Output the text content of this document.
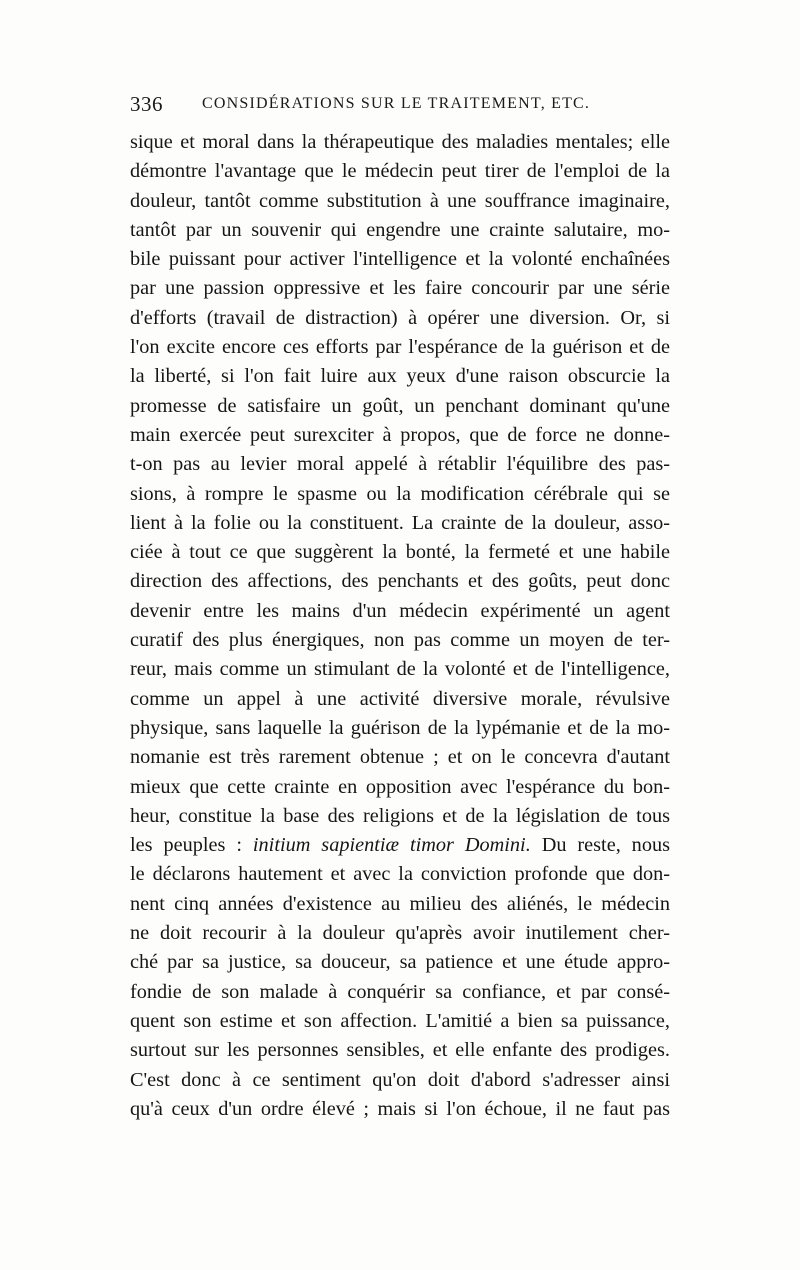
336 CONSIDÉRATIONS SUR LE TRAITEMENT, ETC.
sique et moral dans la thérapeutique des maladies mentales; elle
démontre l'avantage que le médecin peut tirer de l'emploi de la
douleur, tantôt comme substitution à une souffrance imaginaire,
tantôt par un souvenir qui engendre une crainte salutaire, mo-
bile puissant pour activer l'intelligence et la volonté enchaînées
par une passion oppressive et les faire concourir par une série
d'efforts (travail de distraction) à opérer une diversion. Or, si
l'on excite encore ces efforts par l'espérance de la guérison et de
la liberté, si l'on fait luire aux yeux d'une raison obscurcie la
promesse de satisfaire un goût, un penchant dominant qu'une
main exercée peut surexciter à propos, que de force ne donne-
t-on pas au levier moral appelé à rétablir l'équilibre des pas-
sions, à rompre le spasme ou la modification cérébrale qui se
lient à la folie ou la constituent. La crainte de la douleur, asso-
ciée à tout ce que suggèrent la bonté, la fermeté et une habile
direction des affections, des penchants et des goûts, peut donc
devenir entre les mains d'un médecin expérimenté un agent
curatif des plus énergiques, non pas comme un moyen de ter-
reur, mais comme un stimulant de la volonté et de l'intelligence,
comme un appel à une activité diversive morale, révulsive
physique, sans laquelle la guérison de la lypémanie et de la mo-
nomanie est très rarement obtenue ; et on le concevra d'autant
mieux que cette crainte en opposition avec l'espérance du bon-
heur, constitue la base des religions et de la législation de tous
les peuples : initium sapientiæ timor Domini. Du reste, nous
le déclarons hautement et avec la conviction profonde que don-
nent cinq années d'existence au milieu des aliénés, le médecin
ne doit recourir à la douleur qu'après avoir inutilement cher-
ché par sa justice, sa douceur, sa patience et une étude appro-
fondie de son malade à conquérir sa confiance, et par consé-
quent son estime et son affection. L'amitié a bien sa puissance,
surtout sur les personnes sensibles, et elle enfante des prodiges.
C'est donc à ce sentiment qu'on doit d'abord s'adresser ainsi
qu'à ceux d'un ordre élevé ; mais si l'on échoue, il ne faut pas
